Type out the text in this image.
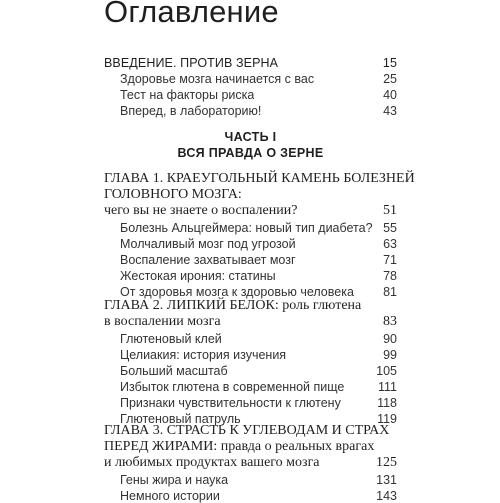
Оглавление
ВВЕДЕНИЕ. ПРОТИВ ЗЕРНА	15
Здоровье мозга начинается с вас	25
Тест на факторы риска	40
Вперед, в лабораторию!	43
ЧАСТЬ I
ВСЯ ПРАВДА О ЗЕРНЕ
ГЛАВА 1. КРАЕУГОЛЬНЫЙ КАМЕНЬ БОЛЕЗНЕЙ
ГОЛОВНОГО МОЗГА:
чего вы не знаете о воспалении?	51
Болезнь Альцгеймера: новый тип диабета? 55
Молчаливый мозг под угрозой	63
Воспаление захватывает мозг	71
Жестокая ирония: статины	78
От здоровья мозга к здоровью человека 81
ГЛАВА 2. ЛИПКИЙ БЕЛОК: роль глютена
в воспалении мозга	83
Глютеновый клей	90
Целиакия: история изучения	99
Больший масштаб	105
Избыток глютена в современной пище	111
Признаки чувствительности к глютену	118
Глютеновый патруль	119
ГЛАВА 3. СТРАСТЬ К УГЛЕВОДАМ И СТРАХ
ПЕРЕД ЖИРАМИ: правда о реальных врагах
и любимых продуктах вашего мозга	125
Гены жира и наука	131
Немного истории	143
